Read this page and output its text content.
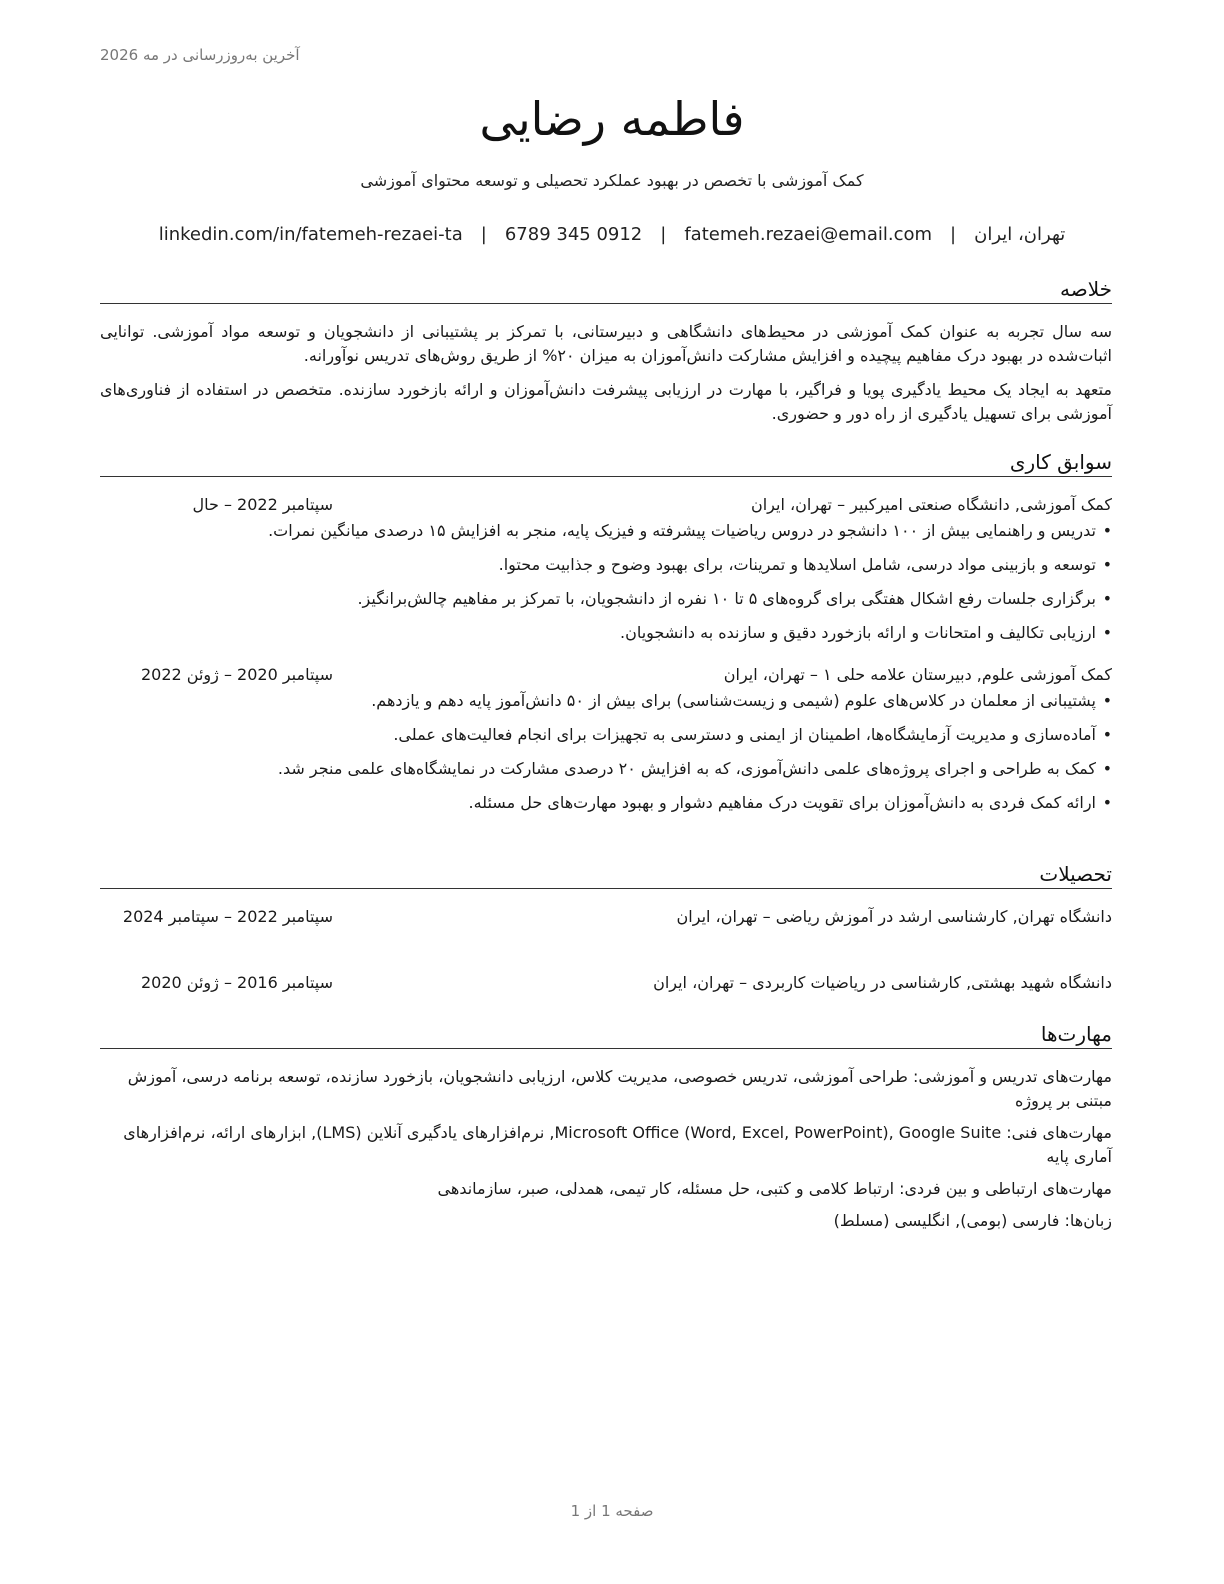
آخرین به‌روزرسانی در مه 2026
فاطمه رضایی
کمک آموزشی با تخصص در بهبود عملکرد تحصیلی و توسعه محتوای آموزشی
linkedin.com/in/fatemeh-rezaei-ta | 6789 345 0912 | fatemeh.rezaei@email.com | تهران، ایران
خلاصه

سه سال تجربه به عنوان کمک آموزشی در محیط‌های دانشگاهی و دبیرستانی، با تمرکز بر پشتیبانی از دانشجویان و توسعه مواد آموزشی. توانایی اثبات‌شده در بهبود درک مفاهیم پیچیده و افزایش مشارکت دانش‌آموزان به میزان ۲۰% از طریق روش‌های تدریس نوآورانه.

متعهد به ایجاد یک محیط یادگیری پویا و فراگیر، با مهارت در ارزیابی پیشرفت دانش‌آموزان و ارائه بازخورد سازنده. متخصص در استفاده از فناوری‌های آموزشی برای تسهیل یادگیری از راه دور و حضوری.

سوابق کاری
کمک آموزشی, دانشگاه صنعتی امیرکبیر – تهران، ایران
سپتامبر 2022 – حال
• تدریس و راهنمایی بیش از ۱۰۰ دانشجو در دروس ریاضیات پیشرفته و فیزیک پایه، منجر به افزایش ۱۵ درصدی میانگین نمرات.
• توسعه و بازبینی مواد درسی، شامل اسلایدها و تمرینات، برای بهبود وضوح و جذابیت محتوا.
• برگزاری جلسات رفع اشکال هفتگی برای گروه‌های ۵ تا ۱۰ نفره از دانشجویان، با تمرکز بر مفاهیم چالش‌برانگیز.
• ارزیابی تکالیف و امتحانات و ارائه بازخورد دقیق و سازنده به دانشجویان.
کمک آموزشی علوم, دبیرستان علامه حلی ۱ – تهران، ایران
سپتامبر 2020 – ژوئن 2022
• پشتیبانی از معلمان در کلاس‌های علوم (شیمی و زیست‌شناسی) برای بیش از ۵۰ دانش‌آموز پایه دهم و یازدهم.
• آماده‌سازی و مدیریت آزمایشگاه‌ها، اطمینان از ایمنی و دسترسی به تجهیزات برای انجام فعالیت‌های عملی.
• کمک به طراحی و اجرای پروژه‌های علمی دانش‌آموزی، که به افزایش ۲۰ درصدی مشارکت در نمایشگاه‌های علمی منجر شد.
• ارائه کمک فردی به دانش‌آموزان برای تقویت درک مفاهیم دشوار و بهبود مهارت‌های حل مسئله.
تحصیلات
دانشگاه تهران, کارشناسی ارشد در آموزش ریاضی – تهران، ایران
سپتامبر 2022 – سپتامبر 2024
دانشگاه شهید بهشتی, کارشناسی در ریاضیات کاربردی – تهران، ایران
سپتامبر 2016 – ژوئن 2020
مهارت‌ها

مهارت‌های تدریس و آموزشی: طراحی آموزشی، تدریس خصوصی، مدیریت کلاس، ارزیابی دانشجویان، بازخورد سازنده، توسعه برنامه درسی، آموزش مبتنی بر پروژه

مهارت‌های فنی: Microsoft Office (Word, Excel, PowerPoint), Google Suite, نرم‌افزارهای یادگیری آنلاین (LMS), ابزارهای ارائه، نرم‌افزارهای آماری پایه

مهارت‌های ارتباطی و بین فردی: ارتباط کلامی و کتبی، حل مسئله، کار تیمی، همدلی، صبر، سازماندهی

زبان‌ها: فارسی (بومی), انگلیسی (مسلط)

صفحه 1 از 1
